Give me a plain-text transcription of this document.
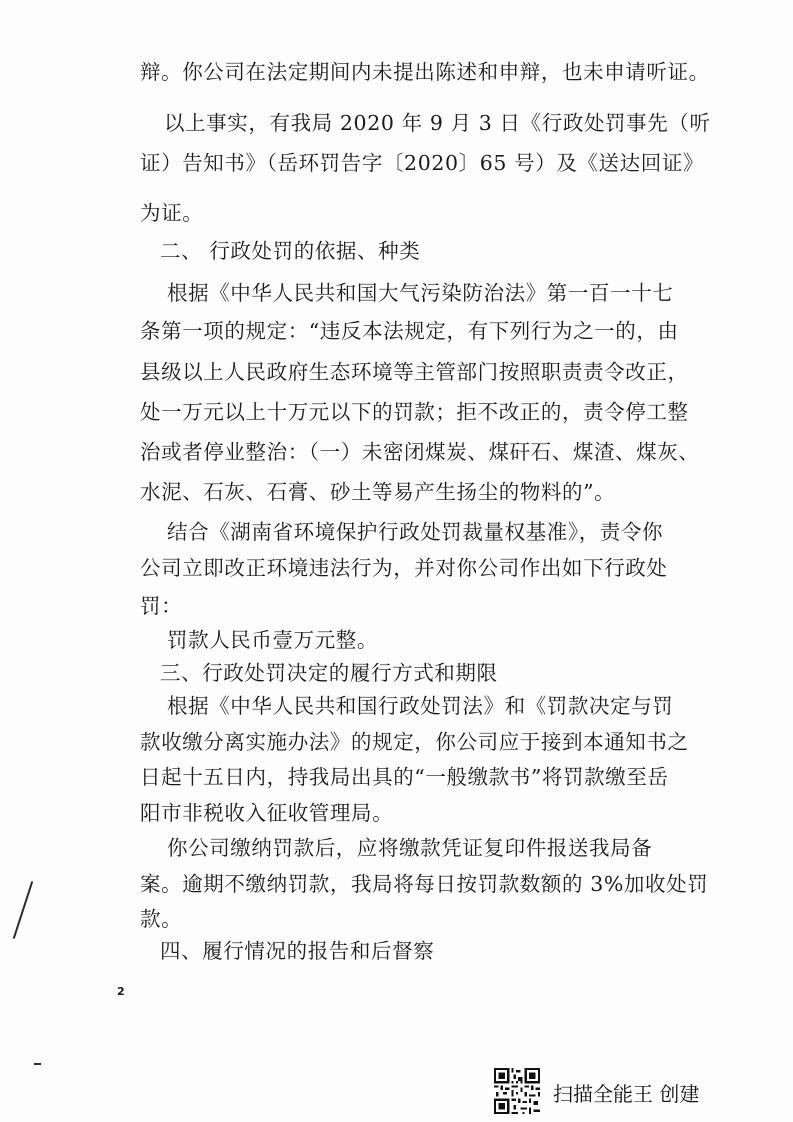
辩。你公司在法定期间内未提出陈述和申辩，也未申请听证。
以上事实，有我局 2020 年 9 月 3 日《行政处罚事先（听
证）告知书》（岳环罚告字〔2020〕65 号）及《送达回证》
为证。
二、 行政处罚的依据、种类
根据《中华人民共和国大气污染防治法》第一百一十七
条第一项的规定：“违反本法规定，有下列行为之一的，由
县级以上人民政府生态环境等主管部门按照职责责令改正，
处一万元以上十万元以下的罚款；拒不改正的，责令停工整
治或者停业整治：（一）未密闭煤炭、煤矸石、煤渣、煤灰、
水泥、石灰、石膏、砂土等易产生扬尘的物料的”。
结合《湖南省环境保护行政处罚裁量权基准》，责令你
公司立即改正环境违法行为，并对你公司作出如下行政处
罚：
罚款人民币壹万元整。
三、行政处罚决定的履行方式和期限
根据《中华人民共和国行政处罚法》和《罚款决定与罚
款收缴分离实施办法》的规定，你公司应于接到本通知书之
日起十五日内，持我局出具的“一般缴款书”将罚款缴至岳
阳市非税收入征收管理局。
你公司缴纳罚款后，应将缴款凭证复印件报送我局备
案。逾期不缴纳罚款，我局将每日按罚款数额的 3%加收处罚
款。
四、履行情况的报告和后督察
2
扫描全能王 创建
